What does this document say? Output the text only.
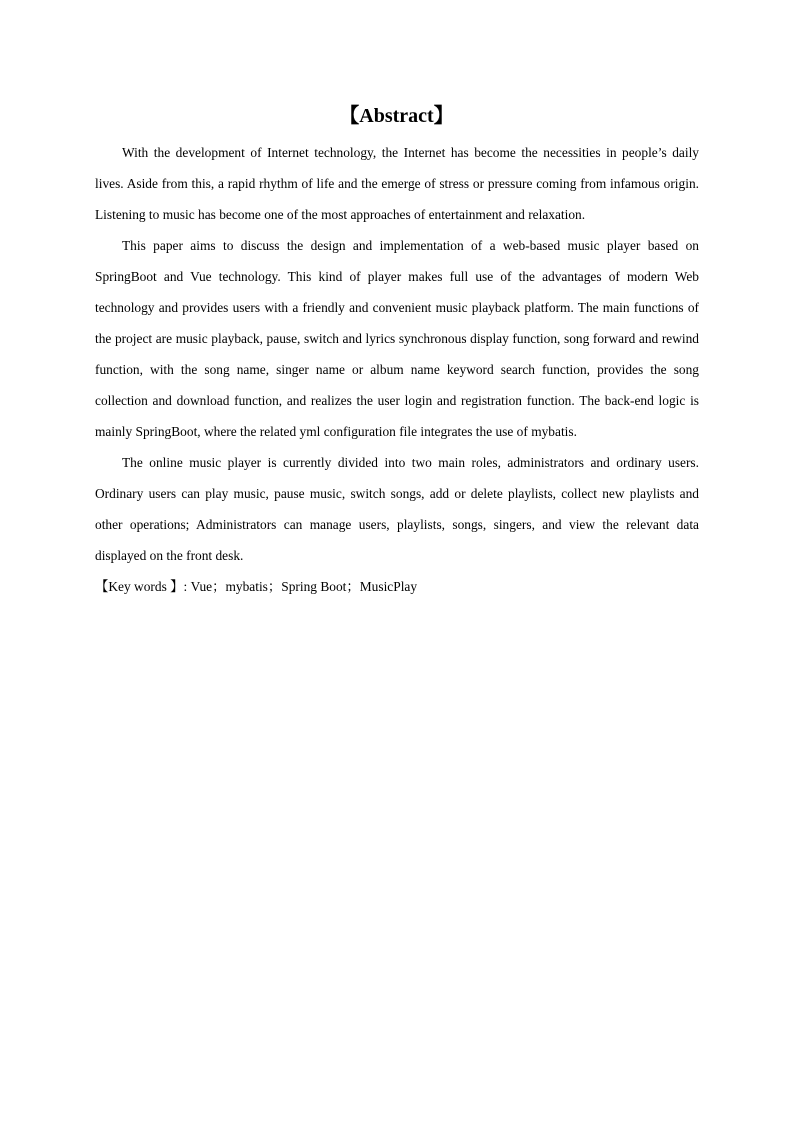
【Abstract】

With the development of Internet technology, the Internet has become the necessities in people’s daily lives. Aside from this, a rapid rhythm of life and the emerge of stress or pressure coming from infamous origin. Listening to music has become one of the most approaches of entertainment and relaxation.

This paper aims to discuss the design and implementation of a web-based music player based on SpringBoot and Vue technology. This kind of player makes full use of the advantages of modern Web technology and provides users with a friendly and convenient music playback platform. The main functions of the project are music playback, pause, switch and lyrics synchronous display function, song forward and rewind function, with the song name, singer name or album name keyword search function, provides the song collection and download function, and realizes the user login and registration function. The back-end logic is mainly SpringBoot, where the related yml configuration file integrates the use of mybatis.

The online music player is currently divided into two main roles, administrators and ordinary users. Ordinary users can play music, pause music, switch songs, add or delete playlists, collect new playlists and other operations; Administrators can manage users, playlists, songs, singers, and view the relevant data displayed on the front desk.

【Key words 】: Vue；mybatis；Spring Boot；MusicPlay
